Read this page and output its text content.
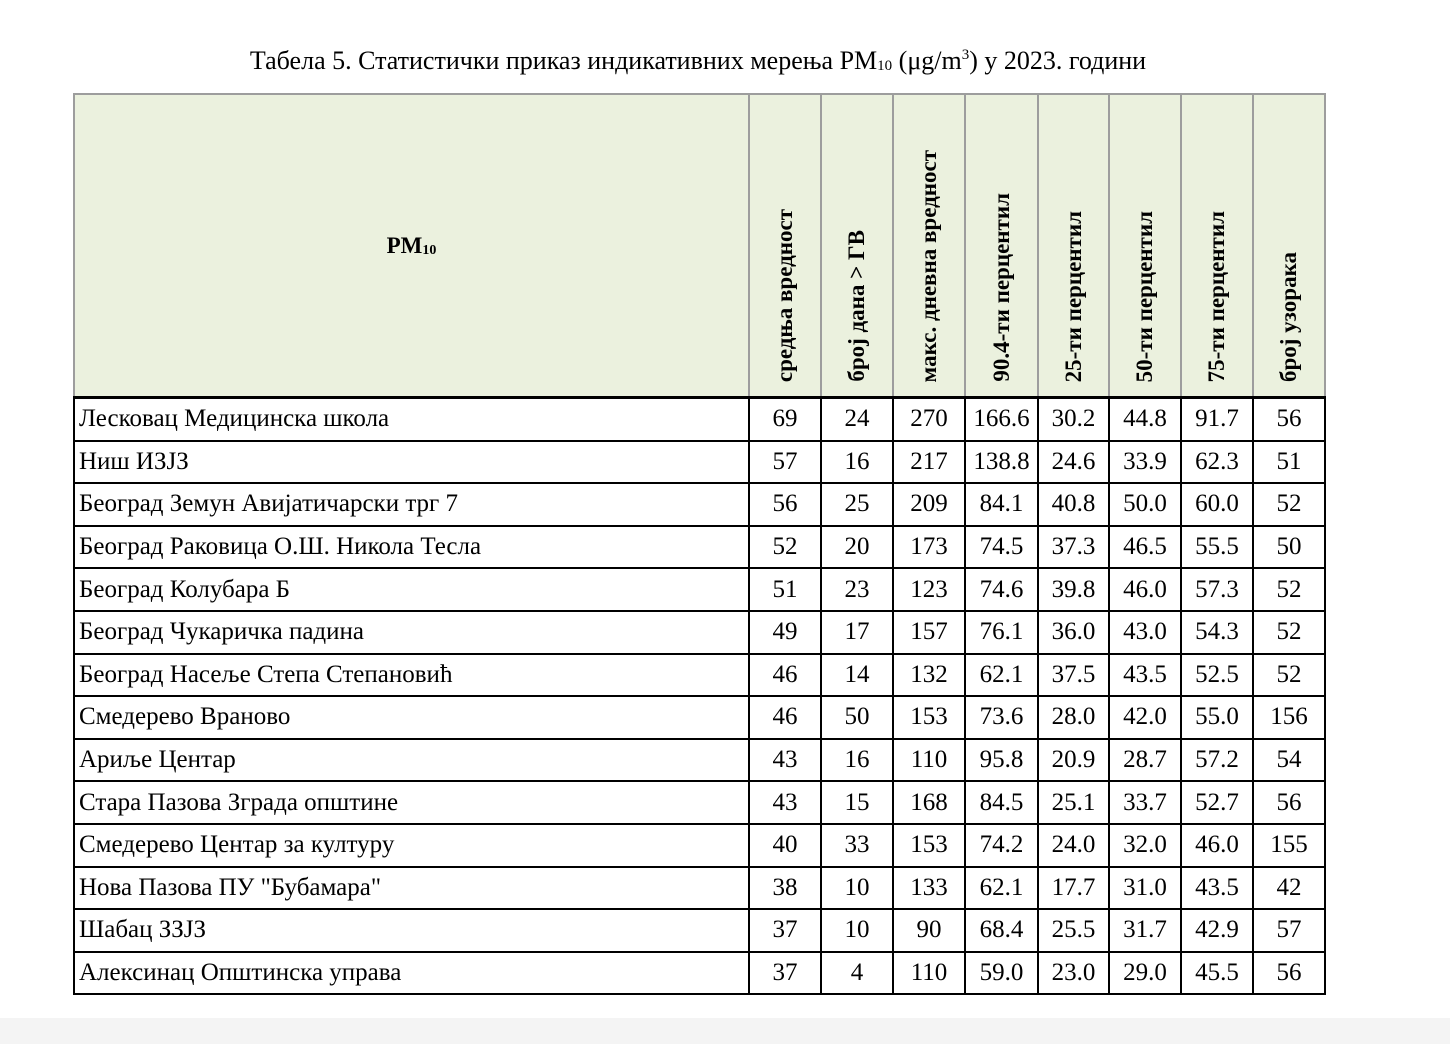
Табела 5. Статистички приказ индикативних мерења $PM_{10}$ $(\mu g/m^3)$ у 2023. години
$PM_{10}$	средња вредност	број дана > ГВ	макс. дневна вредност	90.4-ти перцентил	25-ти перцентил	50-ти перцентил	75-ти перцентил	број узорака

Лесковац Медицинска школа	69	24	270	166.6	30.2	44.8	91.7	56
Ниш ИЗЈЗ	57	16	217	138.8	24.6	33.9	62.3	51
Београд Земун Авијатичарски трг 7	56	25	209	84.1	40.8	50.0	60.0	52
Београд Раковица О.Ш. Никола Тесла	52	20	173	74.5	37.3	46.5	55.5	50
Београд Колубара Б	51	23	123	74.6	39.8	46.0	57.3	52
Београд Чукаричка падина	49	17	157	76.1	36.0	43.0	54.3	52
Београд Насеље Степа Степановић	46	14	132	62.1	37.5	43.5	52.5	52
Смедерево Враново	46	50	153	73.6	28.0	42.0	55.0	156
Ариље Центар	43	16	110	95.8	20.9	28.7	57.2	54
Стара Пазова Зграда општине	43	15	168	84.5	25.1	33.7	52.7	56
Смедерево Центар за културу	40	33	153	74.2	24.0	32.0	46.0	155
Нова Пазова ПУ "Бубамара"	38	10	133	62.1	17.7	31.0	43.5	42
Шабац ЗЗЈЗ	37	10	90	68.4	25.5	31.7	42.9	57
Алексинац Општинска управа	37	4	110	59.0	23.0	29.0	45.5	56
